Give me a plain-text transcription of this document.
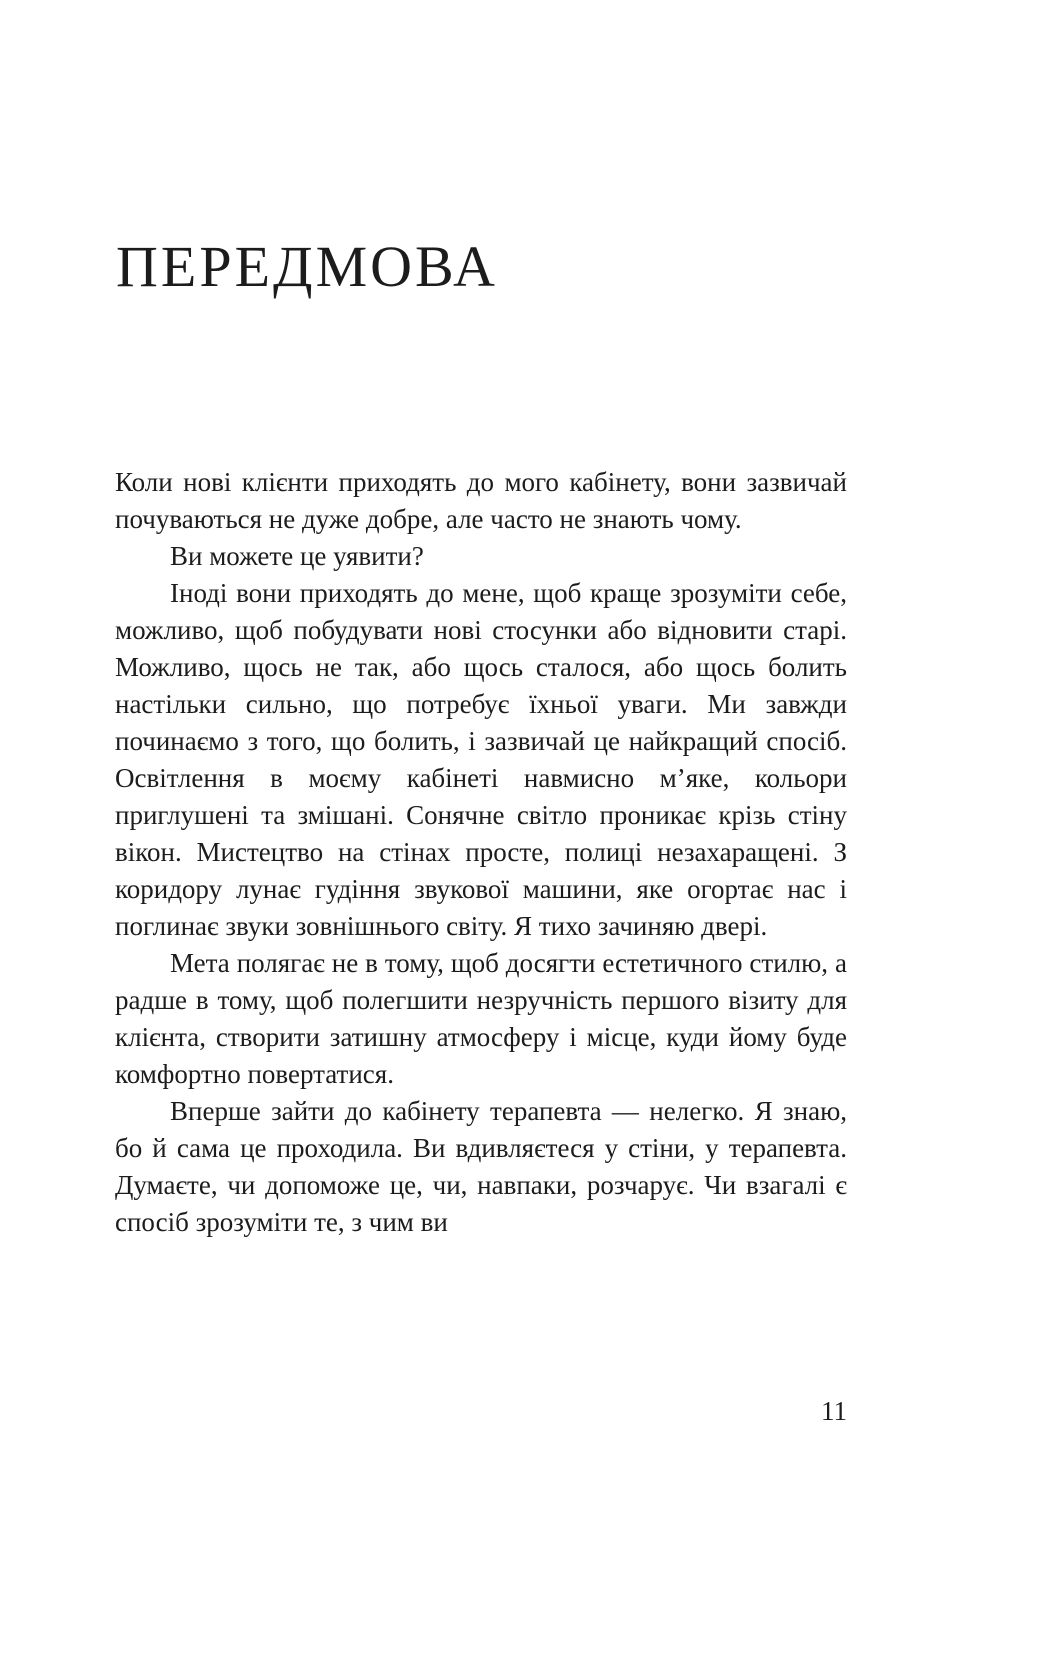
ПЕРЕДМОВА

Коли нові клієнти приходять до мого кабінету, вони зазвичай почуваються не дуже добре, але часто не знають чому.

Ви можете це уявити?

Іноді вони приходять до мене, щоб краще зрозуміти себе, можливо, щоб побудувати нові стосунки або відновити старі. Можливо, щось не так, або щось сталося, або щось болить настільки сильно, що потребує їхньої уваги. Ми завжди починаємо з того, що болить, і зазвичай це найкращий спосіб. Освітлення в моєму кабінеті навмисно м’яке, кольори приглушені та змішані. Сонячне світло проникає крізь стіну вікон. Мистецтво на стінах просте, полиці незахаращені. З коридору лунає гудіння звукової машини, яке огортає нас і поглинає звуки зовнішнього світу. Я тихо зачиняю двері.

Мета полягає не в тому, щоб досягти естетичного стилю, а радше в тому, щоб полегшити незручність першого візиту для клієнта, створити затишну атмосферу і місце, куди йому буде комфортно повертатися.

Вперше зайти до кабінету терапевта — нелегко. Я знаю, бо й сама це проходила. Ви вдивляєтеся у стіни, у терапевта. Думаєте, чи допоможе це, чи, навпаки, розчарує. Чи взагалі є спосіб зрозуміти те, з чим ви

11
